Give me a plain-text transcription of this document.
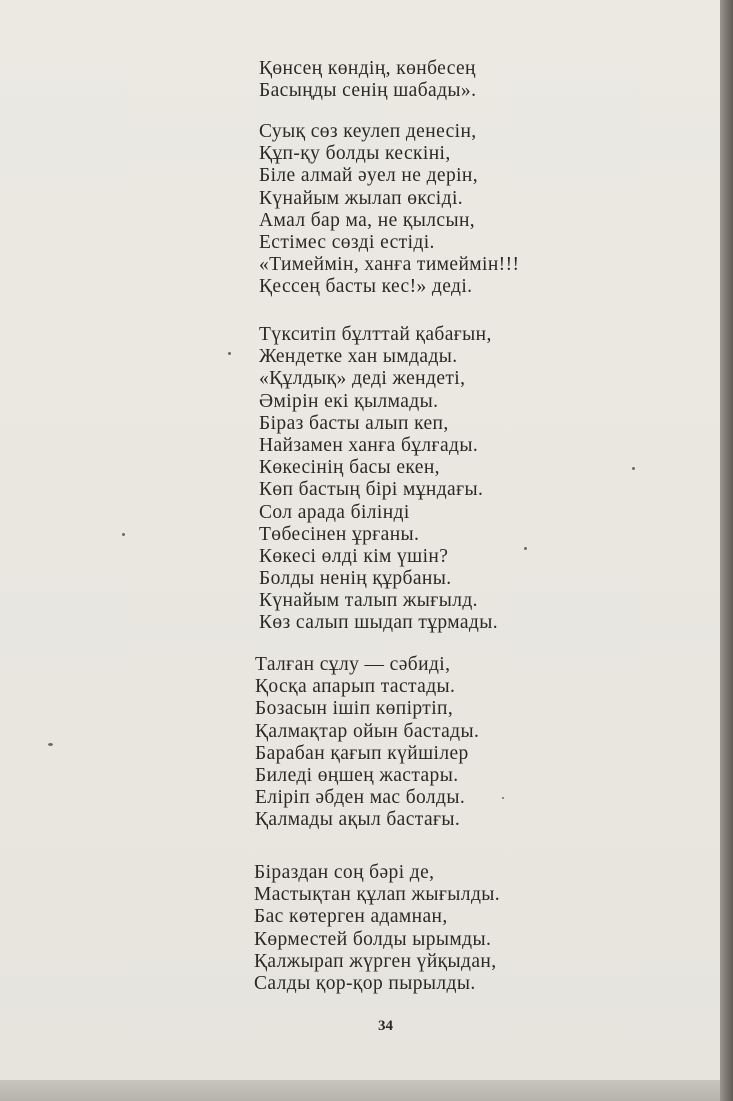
Қөнсең көндің, көнбесең
Басыңды сенің шабады».
Суық сөз кеулеп денесін,
Құп-қу болды кескіні,
Біле алмай әуел не дерін,
Күнайым жылап өксіді.
Амал бар ма, не қылсын,
Естімес сөзді естіді.
«Тимеймін, ханға тимеймін!!!
Қессең басты кес!» деді.
Түкситіп бұлттай қабағын,
Жендетке хан ымдады.
«Құлдық» деді жендеті,
Әмірін екі қылмады.
Біраз басты алып кеп,
Найзамен ханға бұлғады.
Көкесінің басы екен,
Көп бастың бірі мұндағы.
Сол арада білінді
Төбесінен ұрғаны.
Көкесі өлді кім үшін?
Болды ненің құрбаны.
Күнайым талып жығылд.
Көз салып шыдап тұрмады.
Талған сұлу — сәбиді,
Қосқа апарып тастады.
Бозасын ішіп көпіртіп,
Қалмақтар ойын бастады.
Барабан қағып күйшілер
Биледі өңшең жастары.
Еліріп әбден мас болды.
Қалмады ақыл бастағы.
Біраздан соң бәрі де,
Мастықтан құлап жығылды.
Бас көтерген адамнан,
Көрместей болды ырымды.
Қалжырап жүрген үйқыдан,
Салды қор-қор пырылды.
34
